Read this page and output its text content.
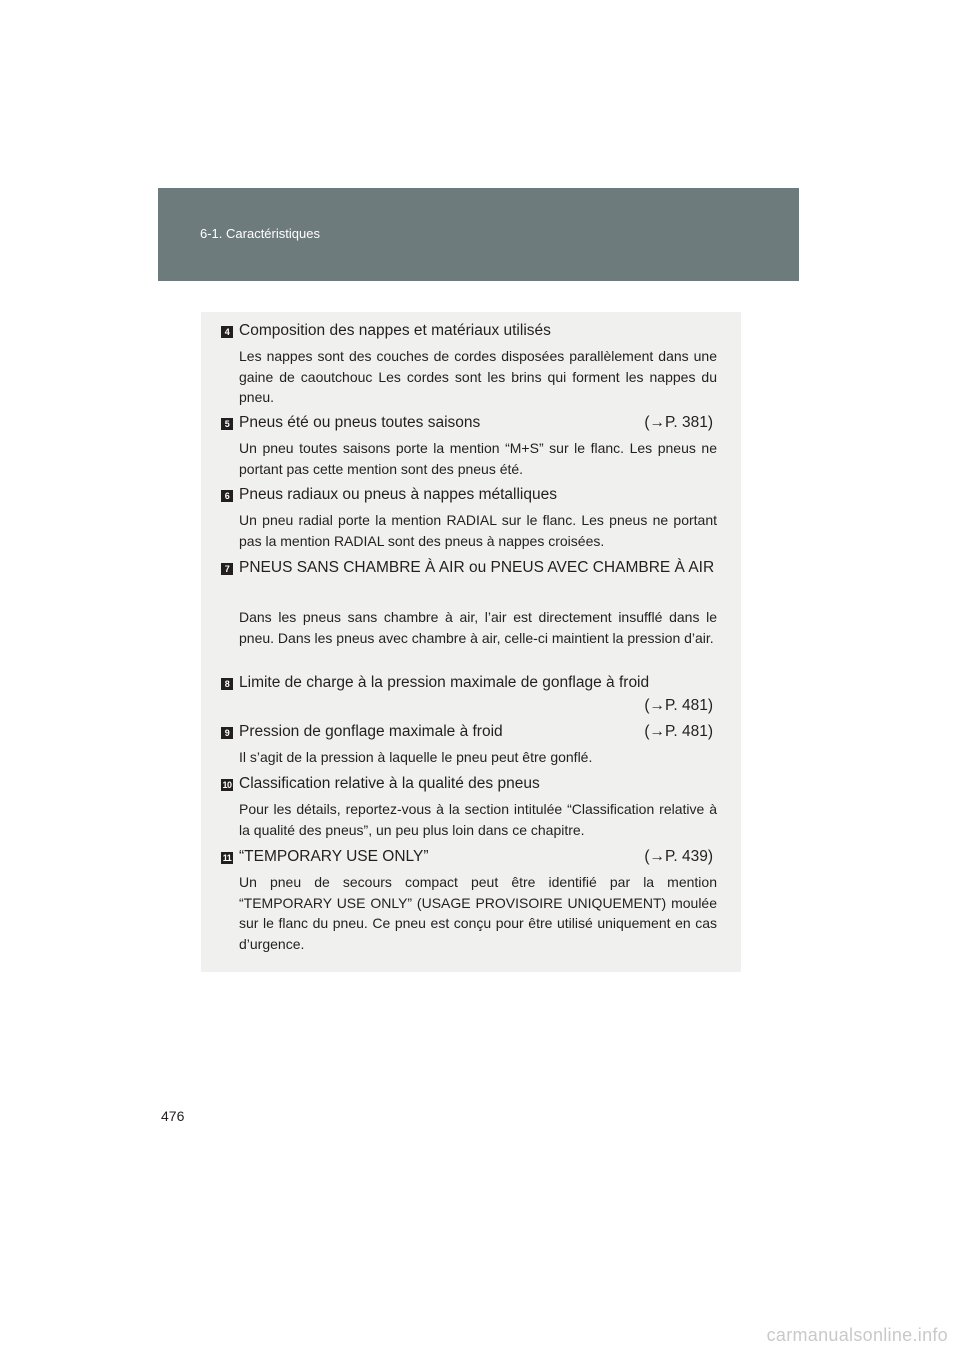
6-1. Caractéristiques
4 Composition des nappes et matériaux utilisés
Les nappes sont des couches de cordes disposées parallèlement dans une gaine de caoutchouc Les cordes sont les brins qui forment les nappes du pneu.
5 Pneus été ou pneus toutes saisons	(→P. 381)
Un pneu toutes saisons porte la mention “M+S” sur le flanc. Les pneus ne portant pas cette mention sont des pneus été.
6 Pneus radiaux ou pneus à nappes métalliques
Un pneu radial porte la mention RADIAL sur le flanc. Les pneus ne portant pas la mention RADIAL sont des pneus à nappes croisées.
7 PNEUS SANS CHAMBRE À AIR ou PNEUS AVEC CHAMBRE À AIR
Dans les pneus sans chambre à air, l’air est directement insufflé dans le pneu. Dans les pneus avec chambre à air, celle-ci maintient la pression d’air.
8 Limite de charge à la pression maximale de gonflage à froid
(→P. 481)
9 Pression de gonflage maximale à froid	(→P. 481)
Il s’agit de la pression à laquelle le pneu peut être gonflé.
10 Classification relative à la qualité des pneus
Pour les détails, reportez-vous à la section intitulée “Classification relative à la qualité des pneus”, un peu plus loin dans ce chapitre.
11 “TEMPORARY USE ONLY”	(→P. 439)
Un pneu de secours compact peut être identifié par la mention “TEMPORARY USE ONLY” (USAGE PROVISOIRE UNIQUEMENT) moulée sur le flanc du pneu. Ce pneu est conçu pour être utilisé uniquement en cas d’urgence.
476
carmanualsonline.info
